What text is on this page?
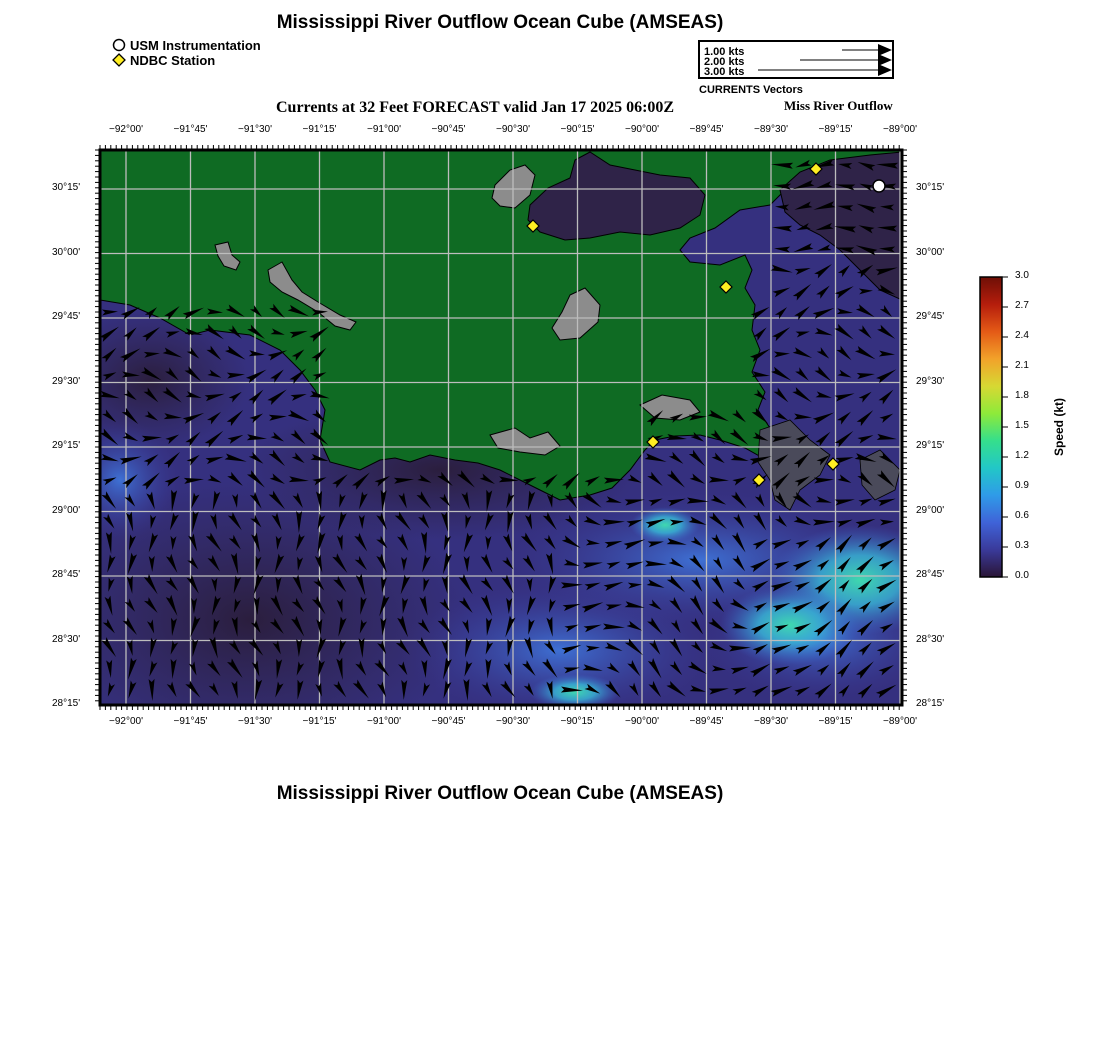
Mississippi River Outflow Ocean Cube (AMSEAS)
Mississippi River Outflow Ocean Cube (AMSEAS)
USM Instrumentation
NDBC Station
1.00 kts
2.00 kts
3.00 kts
CURRENTS Vectors
Currents at 32 Feet FORECAST valid Jan 17 2025 06:00Z	Miss River Outflow
−92°00'
−92°00'
−91°45'
−91°45'
−91°30'
−91°30'
−91°15'
−91°15'
−91°00'
−91°00'
−90°45'
−90°45'
−90°30'
−90°30'
−90°15'
−90°15'
−90°00'
−90°00'
−89°45'
−89°45'
−89°30'
−89°30'
−89°15'
−89°15'
−89°00'
−89°00'
30°15'	30°15'
30°00'	30°00'
29°45'	29°45'
29°30'	29°30'
29°15'	29°15'
29°00'	29°00'
28°45'	28°45'
28°30'	28°30'
28°15'	28°15'
3.0
2.7
2.4
2.1
1.8
1.5
1.2
0.9
0.6
0.3
0.0
Speed (kt)
